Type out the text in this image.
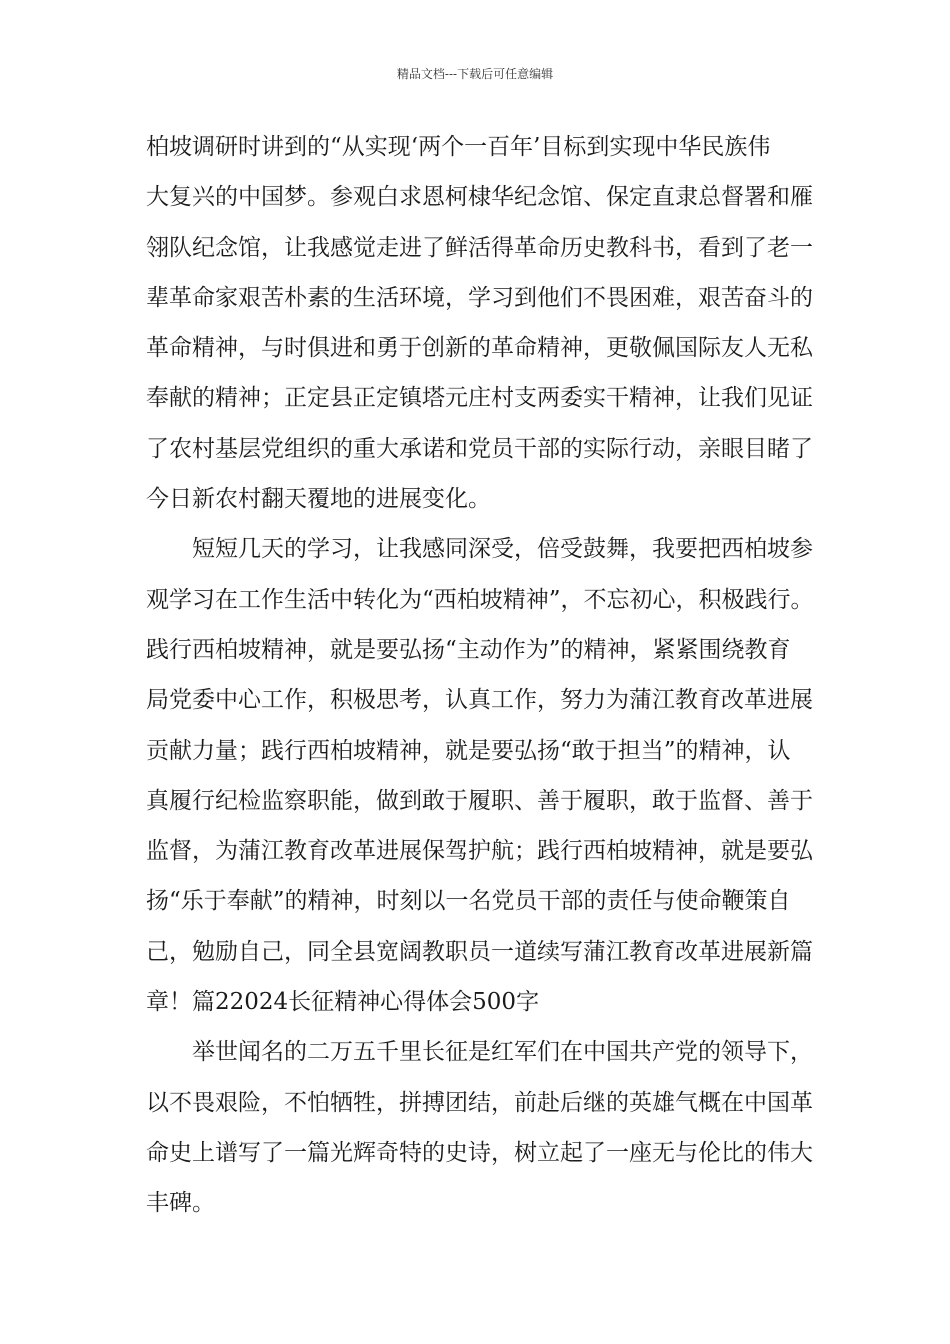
精品文档---下载后可任意编辑
柏坡调研时讲到的“从实现‘两个一百年’目标到实现中华民族伟
大复兴的中国梦。参观白求恩柯棣华纪念馆、保定直隶总督署和雁
翎队纪念馆，让我感觉走进了鲜活得革命历史教科书，看到了老一
辈革命家艰苦朴素的生活环境，学习到他们不畏困难，艰苦奋斗的
革命精神，与时俱进和勇于创新的革命精神，更敬佩国际友人无私
奉献的精神；正定县正定镇塔元庄村支两委实干精神，让我们见证
了农村基层党组织的重大承诺和党员干部的实际行动，亲眼目睹了
今日新农村翻天覆地的进展变化。
短短几天的学习，让我感同深受，倍受鼓舞，我要把西柏坡参
观学习在工作生活中转化为“西柏坡精神”，不忘初心，积极践行。
践行西柏坡精神，就是要弘扬“主动作为”的精神，紧紧围绕教育
局党委中心工作，积极思考，认真工作，努力为蒲江教育改革进展
贡献力量；践行西柏坡精神，就是要弘扬“敢于担当”的精神，认
真履行纪检监察职能，做到敢于履职、善于履职，敢于监督、善于
监督，为蒲江教育改革进展保驾护航；践行西柏坡精神，就是要弘
扬“乐于奉献”的精神，时刻以一名党员干部的责任与使命鞭策自
己，勉励自己，同全县宽阔教职员一道续写蒲江教育改革进展新篇
章！篇22024长征精神心得体会500字
举世闻名的二万五千里长征是红军们在中国共产党的领导下，
以不畏艰险，不怕牺牲，拼搏团结，前赴后继的英雄气概在中国革
命史上谱写了一篇光辉奇特的史诗，树立起了一座无与伦比的伟大
丰碑。
